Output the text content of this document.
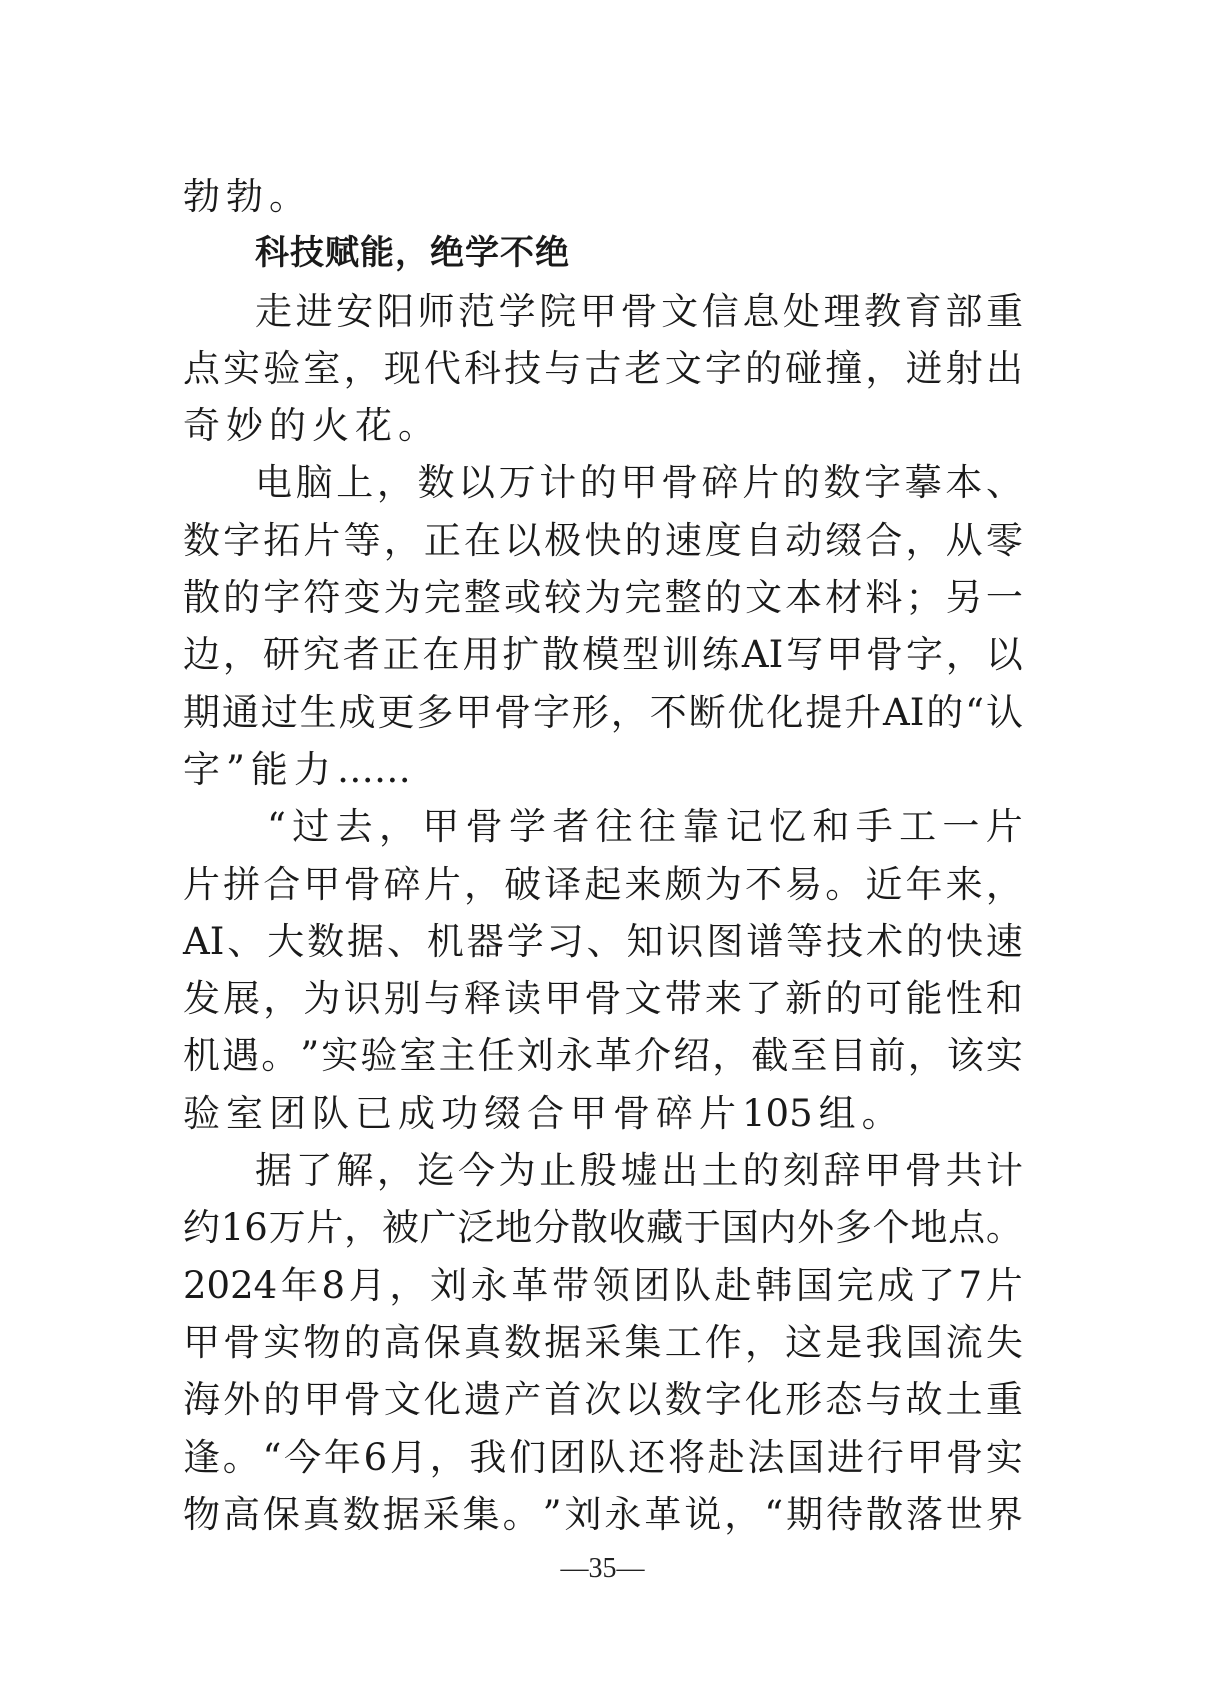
勃 勃 。
科技赋能，绝学不绝
走 进 安 阳 师 范 学 院 甲 骨 文 信 息 处 理 教 育 部 重
点 实 验 室 ， 现 代 科 技 与 古 老 文 字 的 碰 撞 ， 迸 射 出
奇 妙 的 火 花 。
电 脑 上 ， 数 以 万 计 的 甲 骨 碎 片 的 数 字 摹 本 、
数 字 拓 片 等 ， 正 在 以 极 快 的 速 度 自 动 缀 合 ， 从 零
散 的 字 符 变 为 完 整 或 较 为 完 整 的 文 本 材 料 ； 另 一
边 ， 研 究 者 正 在 用 扩 散 模 型 训 练 AI 写 甲 骨 字 ， 以
期 通 过 生 成 更 多 甲 骨 字 形 ， 不 断 优 化 提 升 AI 的 “ 认
字 ” 能 力 ……
“ 过 去 ， 甲 骨 学 者 往 往 靠 记 忆 和 手 工 一 片
片 拼 合 甲 骨 碎 片 ， 破 译 起 来 颇 为 不 易 。 近 年 来 ，
AI 、 大 数 据 、 机 器 学 习 、 知 识 图 谱 等 技 术 的 快 速
发 展 ， 为 识 别 与 释 读 甲 骨 文 带 来 了 新 的 可 能 性 和
机 遇 。 ” 实 验 室 主 任 刘 永 革 介 绍 ， 截 至 目 前 ， 该 实
验 室 团 队 已 成 功 缀 合 甲 骨 碎 片 105 组 。
据 了 解 ， 迄 今 为 止 殷 墟 出 土 的 刻 辞 甲 骨 共 计
约 16 万 片 ， 被 广 泛 地 分 散 收 藏 于 国 内 外 多 个 地 点 。
2024 年 8 月 ， 刘 永 革 带 领 团 队 赴 韩 国 完 成 了 7 片
甲 骨 实 物 的 高 保 真 数 据 采 集 工 作 ， 这 是 我 国 流 失
海 外 的 甲 骨 文 化 遗 产 首 次 以 数 字 化 形 态 与 故 土 重
逢 。 “ 今 年 6 月 ， 我 们 团 队 还 将 赴 法 国 进 行 甲 骨 实
物 高 保 真 数 据 采 集 。 ” 刘 永 革 说 ， “ 期 待 散 落 世 界
—35—
